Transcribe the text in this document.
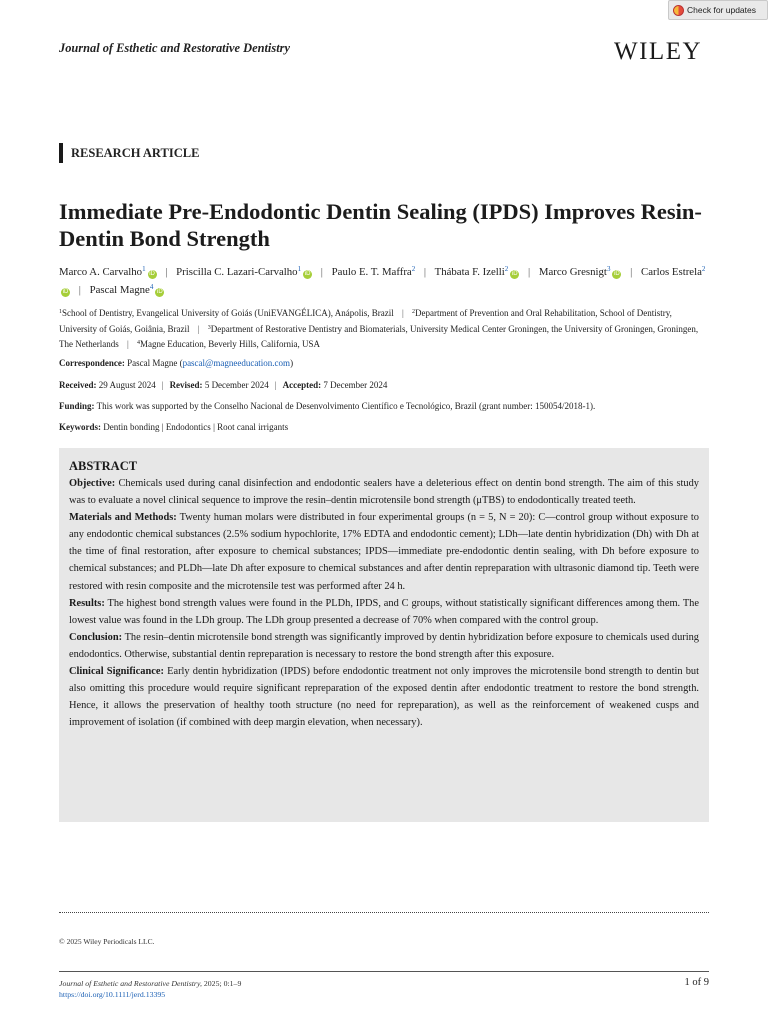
Check for updates
Journal of Esthetic and Restorative Dentistry	WILEY
RESEARCH ARTICLE
Immediate Pre-Endodontic Dentin Sealing (IPDS) Improves Resin-Dentin Bond Strength
Marco A. Carvalho$^1$iD | Priscilla C. Lazari-Carvalho$^1$iD | Paulo E. T. Maffra$^2$ | Thábata F. Izelli$^2$iD | Marco Gresnigt$^3$iD | Carlos Estrela$^2$iD | Pascal Magne$^4$iD
$^1$School of Dentistry, Evangelical University of Goiás (UniEVANGÉLICA), Anápolis, Brazil | $^2$Department of Prevention and Oral Rehabilitation, School of Dentistry, University of Goiás, Goiânia, Brazil | $^3$Department of Restorative Dentistry and Biomaterials, University Medical Center Groningen, the University of Groningen, Groningen, The Netherlands | $^4$Magne Education, Beverly Hills, California, USA
Correspondence: Pascal Magne (pascal@magneeducation.com)
Received: 29 August 2024 | Revised: 5 December 2024 | Accepted: 7 December 2024
Funding: This work was supported by the Conselho Nacional de Desenvolvimento Científico e Tecnológico, Brazil (grant number: 150054/2018-1).
Keywords: Dentin bonding | Endodontics | Root canal irrigants
ABSTRACT

Objective: Chemicals used during canal disinfection and endodontic sealers have a deleterious effect on dentin bond strength. The aim of this study was to evaluate a novel clinical sequence to improve the resin–dentin microtensile bond strength (μTBS) to endodontically treated teeth.

Materials and Methods: Twenty human molars were distributed in four experimental groups (n = 5, N = 20): C—control group without exposure to any endodontic chemical substances (2.5% sodium hypochlorite, 17% EDTA and endodontic cement); LDh—late dentin hybridization (Dh) with Dh at the time of final restoration, after exposure to chemical substances; IPDS—immediate pre-endodontic dentin sealing, with Dh before exposure to chemical substances; and PLDh—late Dh after exposure to chemical substances and after dentin repreparation with ultrasonic diamond tip. Teeth were restored with resin composite and the microtensile test was performed after 24 h.

Results: The highest bond strength values were found in the PLDh, IPDS, and C groups, without statistically significant differences among them. The lowest value was found in the LDh group. The LDh group presented a decrease of 70% when compared with the control group.

Conclusion: The resin–dentin microtensile bond strength was significantly improved by dentin hybridization before exposure to chemicals used during endodontics. Otherwise, substantial dentin repreparation is necessary to restore the bond strength after this exposure.

Clinical Significance: Early dentin hybridization (IPDS) before endodontic treatment not only improves the microtensile bond strength to dentin but also omitting this procedure would require significant repreparation of the exposed dentin after endodontic treatment to restore the bond strength. Hence, it allows the preservation of healthy tooth structure (no need for repreparation), as well as the reinforcement of weakened cusps and improvement of isolation (if combined with deep margin elevation, when necessary).

© 2025 Wiley Periodicals LLC.
Journal of Esthetic and Restorative Dentistry, 2025; 0:1–9
https://doi.org/10.1111/jerd.13395
1 of 9
